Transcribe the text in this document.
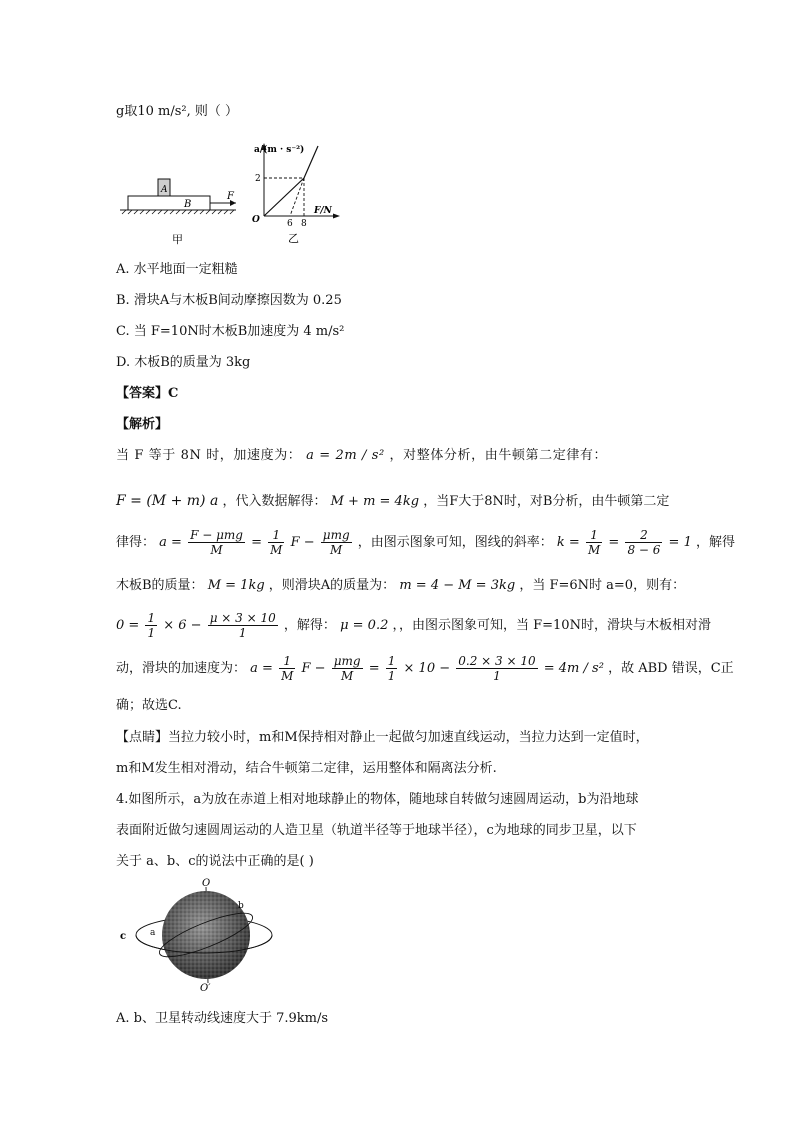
g取10 m/s², 则（ ）
A
B
F
甲
a/(m · s⁻²)
F/N
O
2
6 8
乙
A. 水平地面一定粗糙
B. 滑块A与木板B间动摩擦因数为 0.25
C. 当 F=10N时木板B加速度为 4 m/s²
D. 木板B的质量为 3kg
【答案】C
【解析】
当 F 等于 8N 时，加速度为： a = 2m / s² ，对整体分析，由牛顿第二定律有：
F = (M + m) a ，代入数据解得： M + m = 4kg ，当F大于8N时，对B分析，由牛顿第二定
律得： $a = \frac{\text{F − μmg}}{M} = \frac{1}{M}$ $F - \frac{\text{μmg}}{M}$ ，由图示图象可知，图线的斜率： $k = \frac{1}{M} = \frac{2}{8 - 6} = 1$ ，解得
木板B的质量： M = 1kg ，则滑块A的质量为： m = 4 − M = 3kg ，当 F=6N时 a=0，则有：
$0 = \frac{1}{1} \times 6 - \frac{\mu \times 3 \times 10}{1}$ ，解得： μ = 0.2 ，，由图示图象可知，当 F=10N时，滑块与木板相对滑
动，滑块的加速度为： $a = \frac{1}{M}$ $F - \frac{\text{μmg}}{M} = \frac{1}{1} \times 10 - \frac{0.2 \times 3 \times 10}{1} = 4m / s^2$ ，故 ABD 错误，C正
确；故选C.
【点睛】当拉力较小时，m和M保持相对静止一起做匀加速直线运动，当拉力达到一定值时，
m和M发生相对滑动，结合牛顿第二定律，运用整体和隔离法分析.
4.如图所示，a为放在赤道上相对地球静止的物体，随地球自转做匀速圆周运动，b为沿地球
表面附近做匀速圆周运动的人造卫星（轨道半径等于地球半径），c为地球的同步卫星，以下
关于 a、b、c的说法中正确的是( )
O
O′
a
b
c
A. b、卫星转动线速度大于 7.9km/s
